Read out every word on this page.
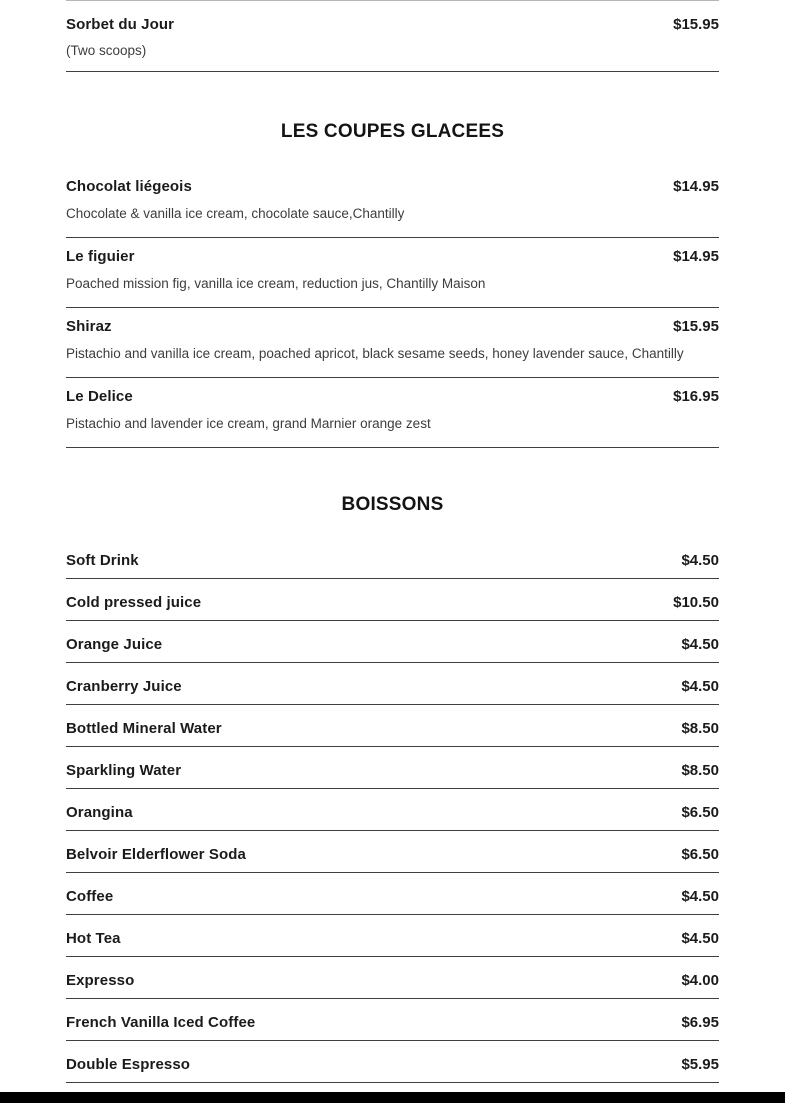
Sorbet du Jour	$15.95
(Two scoops)
LES COUPES GLACEES
Chocolat liégeois	$14.95
Chocolate & vanilla ice cream, chocolate sauce,Chantilly
Le figuier	$14.95
Poached mission fig, vanilla ice cream, reduction jus, Chantilly Maison
Shiraz	$15.95
Pistachio and vanilla ice cream, poached apricot, black sesame seeds, honey lavender sauce, Chantilly
Le Delice	$16.95
Pistachio and lavender ice cream, grand Marnier orange zest
BOISSONS
Soft Drink	$4.50
Cold pressed juice	$10.50
Orange Juice	$4.50
Cranberry Juice	$4.50
Bottled Mineral Water	$8.50
Sparkling Water	$8.50
Orangina	$6.50
Belvoir Elderflower Soda	$6.50
Coffee	$4.50
Hot Tea	$4.50
Expresso	$4.00
French Vanilla Iced Coffee	$6.95
Double Espresso	$5.95
